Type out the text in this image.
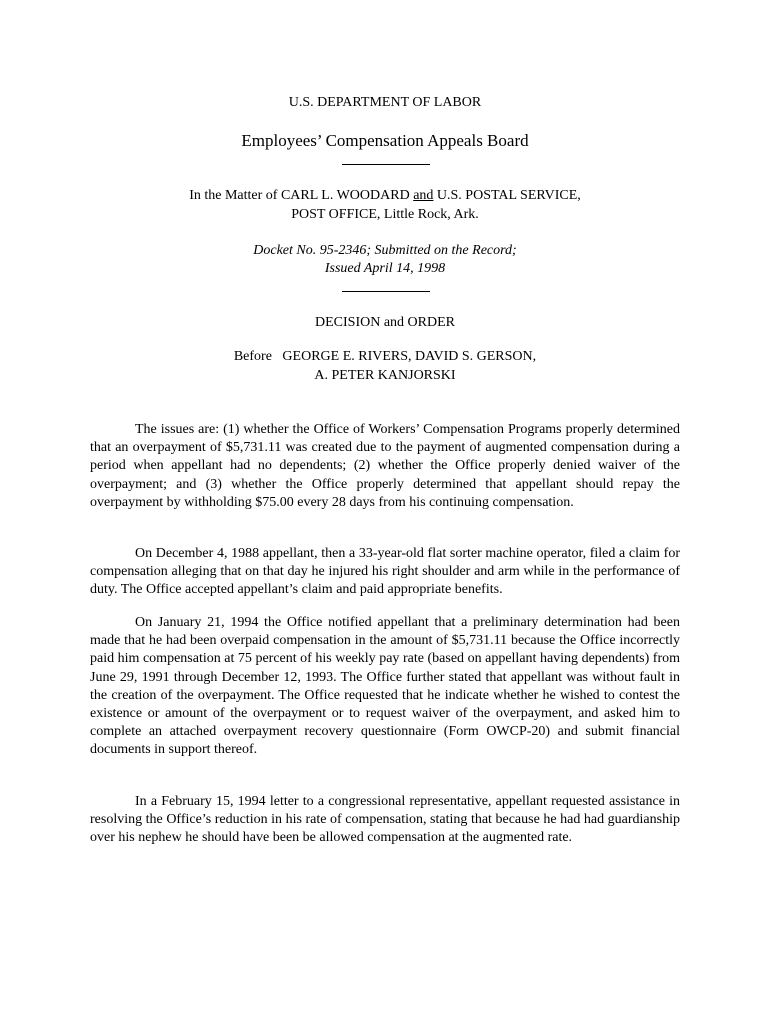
U.S. DEPARTMENT OF LABOR
Employees’ Compensation Appeals Board
In the Matter of CARL L. WOODARD and U.S. POSTAL SERVICE,
POST OFFICE, Little Rock, Ark.
Docket No. 95-2346; Submitted on the Record;
Issued April 14, 1998
DECISION and ORDER
Before   GEORGE E. RIVERS, DAVID S. GERSON,
A. PETER KANJORSKI

The issues are: (1) whether the Office of Workers’ Compensation Programs properly determined that an overpayment of $5,731.11 was created due to the payment of augmented compensation during a period when appellant had no dependents; (2) whether the Office properly denied waiver of the overpayment; and (3) whether the Office properly determined that appellant should repay the overpayment by withholding $75.00 every 28 days from his continuing compensation.

On December 4, 1988 appellant, then a 33-year-old flat sorter machine operator, filed a claim for compensation alleging that on that day he injured his right shoulder and arm while in the performance of duty. The Office accepted appellant’s claim and paid appropriate benefits.

On January 21, 1994 the Office notified appellant that a preliminary determination had been made that he had been overpaid compensation in the amount of $5,731.11 because the Office incorrectly paid him compensation at 75 percent of his weekly pay rate (based on appellant having dependents) from June 29, 1991 through December 12, 1993. The Office further stated that appellant was without fault in the creation of the overpayment. The Office requested that he indicate whether he wished to contest the existence or amount of the overpayment or to request waiver of the overpayment, and asked him to complete an attached overpayment recovery questionnaire (Form OWCP-20) and submit financial documents in support thereof.

In a February 15, 1994 letter to a congressional representative, appellant requested assistance in resolving the Office’s reduction in his rate of compensation, stating that because he had had guardianship over his nephew he should have been be allowed compensation at the augmented rate.
